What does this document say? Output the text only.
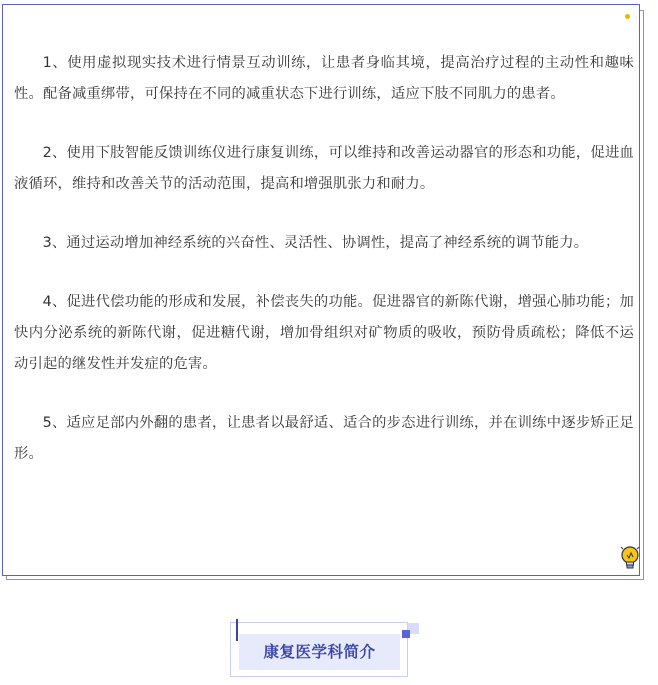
1、使用虚拟现实技术进行情景互动训练，让患者身临其境，提高治疗过程的主动性和趣味性。配备减重绑带，可保持在不同的减重状态下进行训练，适应下肢不同肌力的患者。

2、使用下肢智能反馈训练仪进行康复训练，可以维持和改善运动器官的形态和功能，促进血液循环，维持和改善关节的活动范围，提高和增强肌张力和耐力。

3、通过运动增加神经系统的兴奋性、灵活性、协调性，提高了神经系统的调节能力。

4、促进代偿功能的形成和发展，补偿丧失的功能。促进器官的新陈代谢，增强心肺功能；加快内分泌系统的新陈代谢，促进糖代谢，增加骨组织对矿物质的吸收，预防骨质疏松；降低不运动引起的继发性并发症的危害。

5、适应足部内外翻的患者，让患者以最舒适、适合的步态进行训练，并在训练中逐步矫正足形。

康复医学科简介
